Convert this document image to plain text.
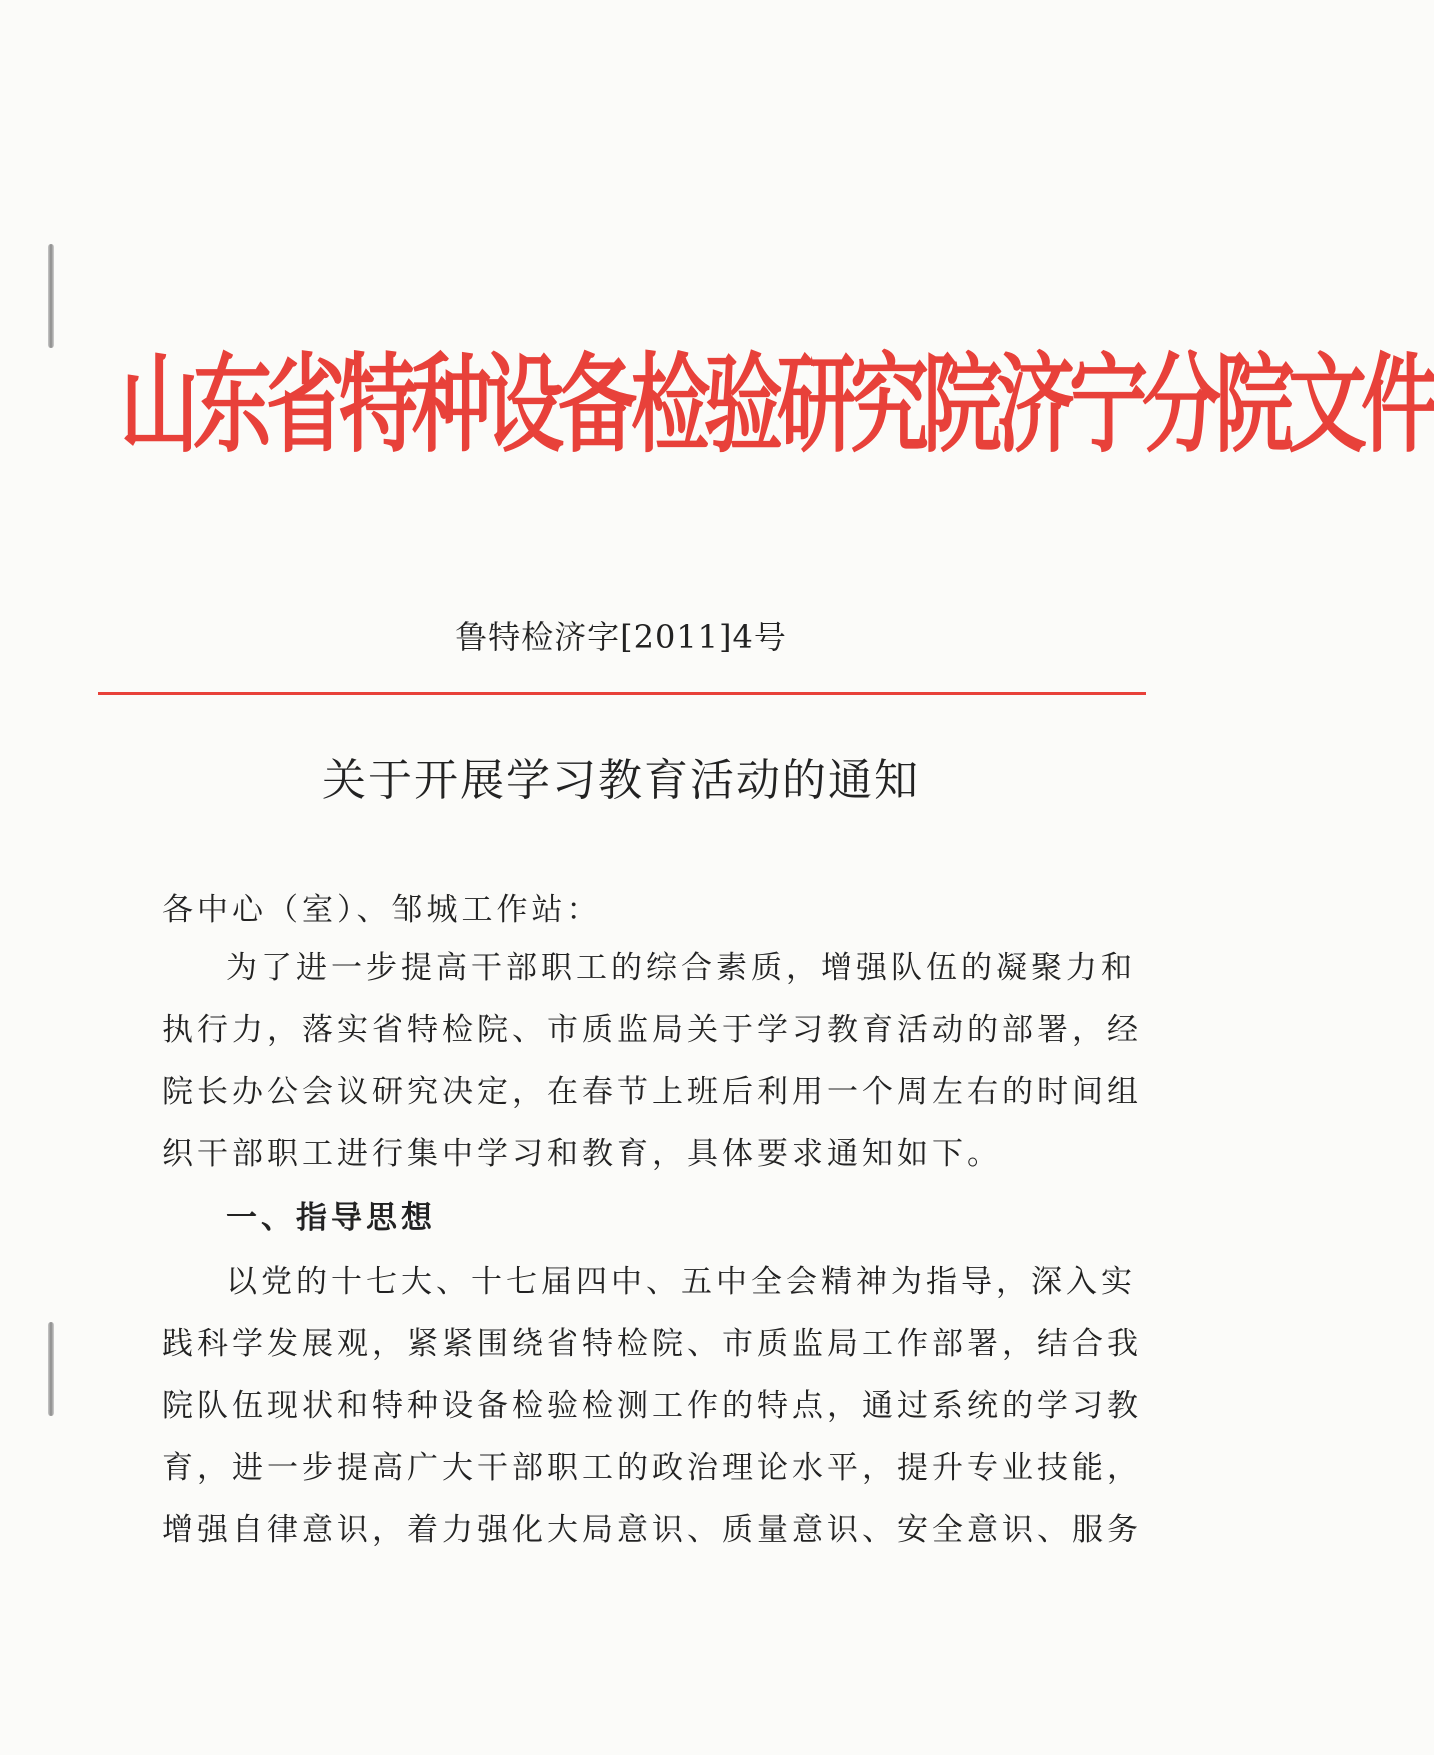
山东省特种设备检验研究院济宁分院文件
鲁特检济字[2011]4号
关于开展学习教育活动的通知
各中心（室）、邹城工作站：
为了进一步提高干部职工的综合素质，增强队伍的凝聚力和
执行力，落实省特检院、市质监局关于学习教育活动的部署，经
院长办公会议研究决定，在春节上班后利用一个周左右的时间组
织干部职工进行集中学习和教育，具体要求通知如下。
一、指导思想
以党的十七大、十七届四中、五中全会精神为指导，深入实
践科学发展观，紧紧围绕省特检院、市质监局工作部署，结合我
院队伍现状和特种设备检验检测工作的特点，通过系统的学习教
育，进一步提高广大干部职工的政治理论水平，提升专业技能，
增强自律意识，着力强化大局意识、质量意识、安全意识、服务
